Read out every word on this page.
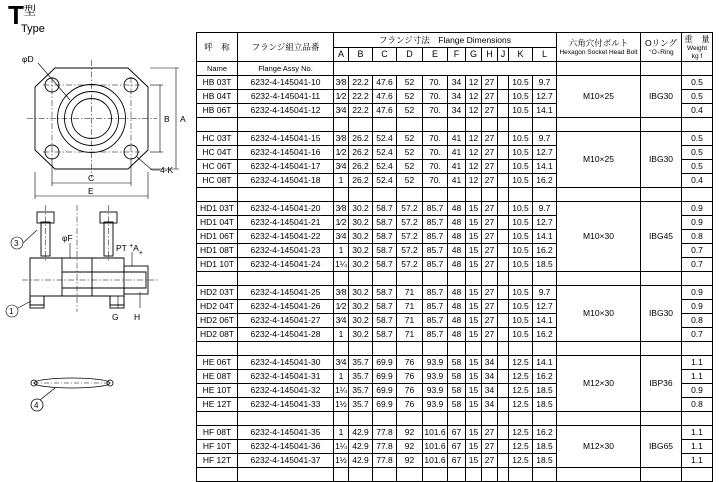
$T^型$
Type
φD
B A
C
E
4-K
φF
PT $^+A_+$
G H
3
1
4
呼　称	フランジ組立品番	フランジ寸法　Flange Dimensions	六角穴付ボルト
Hexagon Socket Head Bolt

Oリング
⁺O₊Ring

重　量
Weight
kg f

		A	B	C	D	E	F	G	H	J	K	L			
Name	Flange Assy No.														
HB 03T	6232-4-145041-10	3⁄8	22.2	47.6	52	70.	34	12	27		10.5	9.7	M10×25	IBG30	0.5
HB 04T	6232-4-145041-11	1⁄2	22.2	47.6	52	70.	34	12	27		10.5	12.7			0.5
HB 06T	6232-4-145041-12	3⁄4	22.2	47.6	52	70.	34	12	27		10.5	14.1			0.4

HC 03T	6232-4-145041-15	3⁄8	26.2	52.4	52	70.	41	12	27		10.5	9.7	M10×25	IBG30	0.5
HC 04T	6232-4-145041-16	1⁄2	26.2	52.4	52	70.	41	12	27		10.5	12.7			0.5
HC 06T	6232-4-145041-17	3⁄4	26.2	52.4	52	70.	41	12	27		10.5	14.1			0.5
HC 08T	6232-4-145041-18	1	26.2	52.4	52	70.	41	12	27		10.5	16.2			0.4

HD1 03T	6232-4-145041-20	3⁄8	30.2	58.7	57.2	85.7	48	15	27		10.5	9.7	M10×30	IBG45	0.9
HD1 04T	6232-4-145041-21	1⁄2	30.2	58.7	57.2	85.7	48	15	27		10.5	12.7			0.9
HD1 06T	6232-4-145041-22	3⁄4	30.2	58.7	57.2	85.7	48	15	27		10.5	14.1			0.8
HD1 08T	6232-4-145041-23	1	30.2	58.7	57.2	85.7	48	15	27		10.5	16.2			0.7
HD1 10T	6232-4-145041-24	1¼	30.2	58.7	57.2	85.7	48	15	27		10.5	18.5			0.7

HD2 03T	6232-4-145041-25	3⁄8	30.2	58.7	71	85.7	48	15	27		10.5	9.7	M10×30	IBG30	0.9
HD2 04T	6232-4-145041-26	1⁄2	30.2	58.7	71	85.7	48	15	27		10.5	12.7			0.9
HD2 06T	6232-4-145041-27	3⁄4	30.2	58.7	71	85.7	48	15	27		10.5	14.1			0.8
HD2 08T	6232-4-145041-28	1	30.2	58.7	71	85.7	48	15	27		10.5	16.2			0.7

HE 06T	6232-4-145041-30	3⁄4	35.7	69.9	76	93.9	58	15	34		12.5	14.1	M12×30	IBP36	1.1
HE 08T	6232-4-145041-31	1	35.7	69.9	76	93.9	58	15	34		12.5	16.2			1.1
HE 10T	6232-4-145041-32	1¼	35.7	69.9	76	93.9	58	15	34		12.5	18.5			0.9
HE 12T	6232-4-145041-33	1½	35.7	69.9	76	93.9	58	15	34		12.5	18.5			0.8

HF 08T	6232-4-145041-35	1	42.9	77.8	92	101.6	67	15	27		12.5	16.2	M12×30	IBG65	1.1
HF 10T	6232-4-145041-36	1¼	42.9	77.8	92	101.6	67	15	27		12.5	18.5			1.1
HF 12T	6232-4-145041-37	1½	42.9	77.8	92	101.6	67	15	27		12.5	18.5			1.1
